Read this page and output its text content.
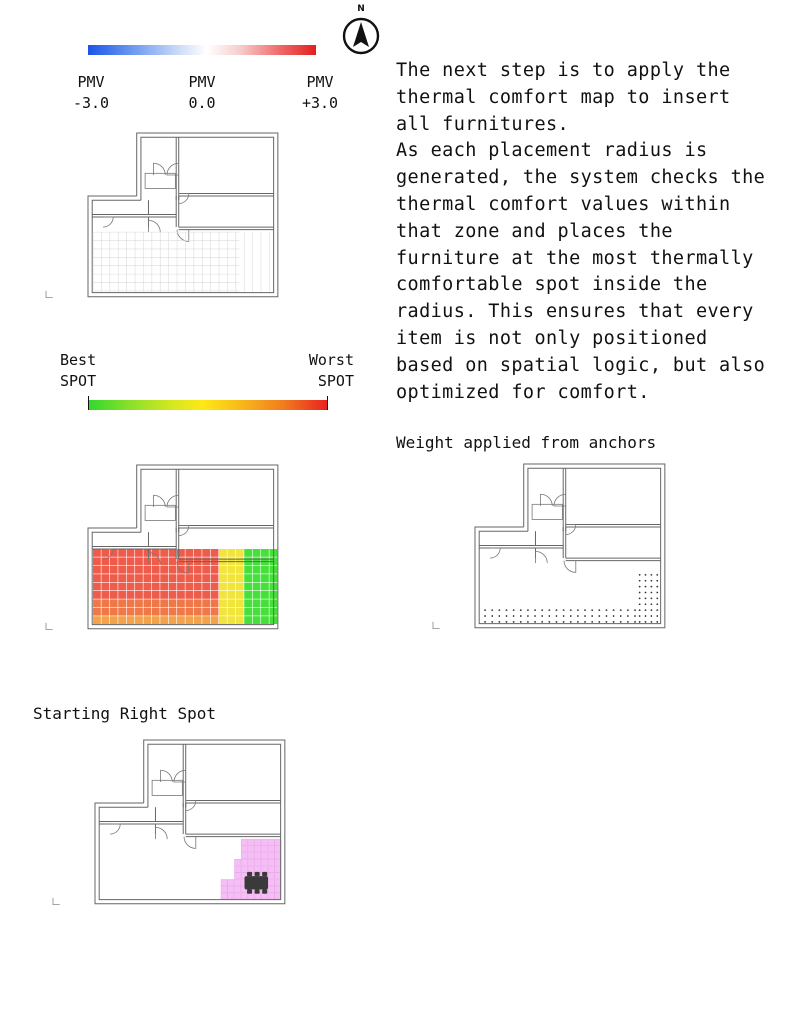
N
PMV
-3.0
PMV
0.0
PMV
+3.0
The next step is to apply the
thermal comfort map to insert
all furnitures.
As each placement radius is
generated, the system checks the
thermal comfort values within
that zone and places the
furniture at the most thermally
comfortable spot inside the
radius. This ensures that every
item is not only positioned
based on spatial logic, but also
optimized for comfort.
Best
SPOT
Worst
SPOT
Weight applied from anchors
Starting Right Spot
